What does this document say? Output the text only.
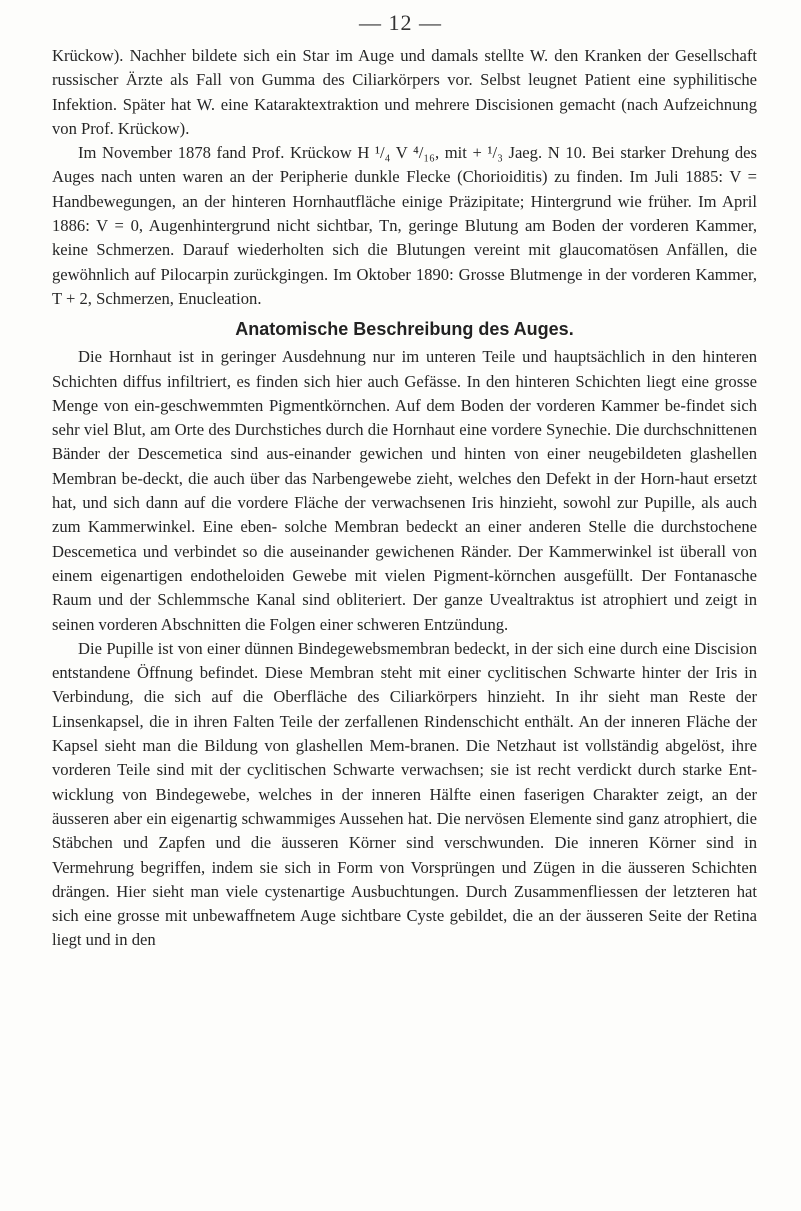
— 12 —

Krückow). Nachher bildete sich ein Star im Auge und damals stellte W. den Kranken der Gesellschaft russischer Ärzte als Fall von Gumma des Ciliarkörpers vor. Selbst leugnet Patient eine syphilitische Infektion. Später hat W. eine Kataraktextraktion und mehrere Discisionen gemacht (nach Aufzeichnung von Prof. Krückow).

Im November 1878 fand Prof. Krückow H ¹/₄ V ⁴/₁₆, mit + ¹/₃ Jaeg. N 10. Bei starker Drehung des Auges nach unten waren an der Peripherie dunkle Flecke (Chorioiditis) zu finden. Im Juli 1885: V = Handbewegungen, an der hinteren Hornhautfläche einige Präzipitate; Hintergrund wie früher. Im April 1886: V = 0, Augenhintergrund nicht sichtbar, Tn, geringe Blutung am Boden der vorderen Kammer, keine Schmerzen. Darauf wiederholten sich die Blutungen vereint mit glaucomatösen Anfällen, die gewöhnlich auf Pilocarpin zurückgingen. Im Oktober 1890: Grosse Blutmenge in der vorderen Kammer, T + 2, Schmerzen, Enucleation.

Anatomische Beschreibung des Auges.

Die Hornhaut ist in geringer Ausdehnung nur im unteren Teile und hauptsächlich in den hinteren Schichten diffus infiltriert, es finden sich hier auch Gefässe. In den hinteren Schichten liegt eine grosse Menge von ein-geschwemmten Pigmentkörnchen. Auf dem Boden der vorderen Kammer be-findet sich sehr viel Blut, am Orte des Durchstiches durch die Hornhaut eine vordere Synechie. Die durchschnittenen Bänder der Descemetica sind aus-einander gewichen und hinten von einer neugebildeten glashellen Membran be-deckt, die auch über das Narbengewebe zieht, welches den Defekt in der Horn-haut ersetzt hat, und sich dann auf die vordere Fläche der verwachsenen Iris hinzieht, sowohl zur Pupille, als auch zum Kammerwinkel. Eine eben- solche Membran bedeckt an einer anderen Stelle die durchstochene Descemetica und verbindet so die auseinander gewichenen Ränder. Der Kammerwinkel ist überall von einem eigenartigen endotheloiden Gewebe mit vielen Pigment-körnchen ausgefüllt. Der Fontanasche Raum und der Schlemmsche Kanal sind obliteriert. Der ganze Uvealtraktus ist atrophiert und zeigt in seinen vorderen Abschnitten die Folgen einer schweren Entzündung.

Die Pupille ist von einer dünnen Bindegewebsmembran bedeckt, in der sich eine durch eine Discision entstandene Öffnung befindet. Diese Membran steht mit einer cyclitischen Schwarte hinter der Iris in Verbindung, die sich auf die Oberfläche des Ciliarkörpers hinzieht. In ihr sieht man Reste der Linsenkapsel, die in ihren Falten Teile der zerfallenen Rindenschicht enthält. An der inneren Fläche der Kapsel sieht man die Bildung von glashellen Mem-branen. Die Netzhaut ist vollständig abgelöst, ihre vorderen Teile sind mit der cyclitischen Schwarte verwachsen; sie ist recht verdickt durch starke Ent-wicklung von Bindegewebe, welches in der inneren Hälfte einen faserigen Charakter zeigt, an der äusseren aber ein eigenartig schwammiges Aussehen hat. Die nervösen Elemente sind ganz atrophiert, die Stäbchen und Zapfen und die äusseren Körner sind verschwunden. Die inneren Körner sind in Vermehrung begriffen, indem sie sich in Form von Vorsprüngen und Zügen in die äusseren Schichten drängen. Hier sieht man viele cystenartige Ausbuchtungen. Durch Zusammenfliessen der letzteren hat sich eine grosse mit unbewaffnetem Auge sichtbare Cyste gebildet, die an der äusseren Seite der Retina liegt und in den
